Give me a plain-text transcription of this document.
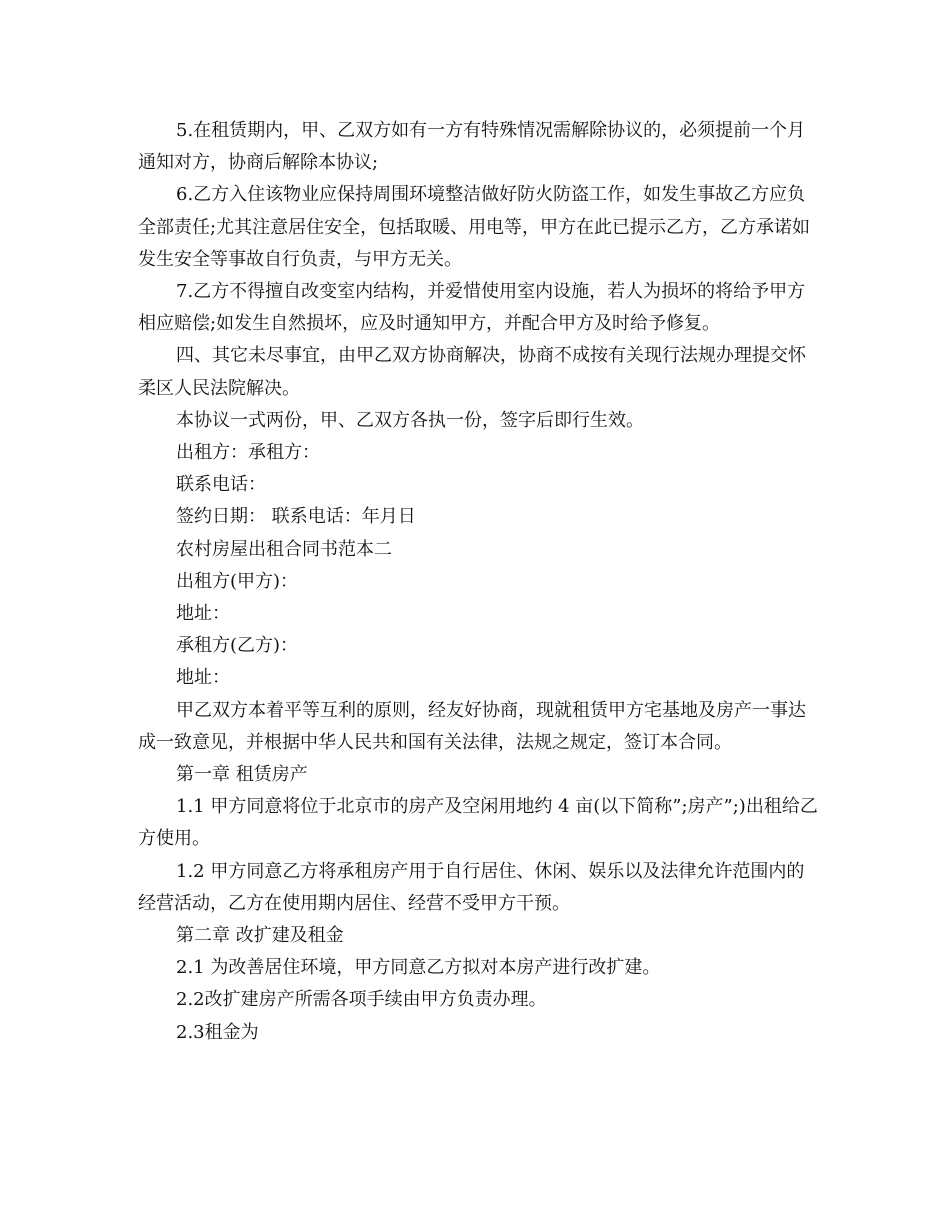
5.在租赁期内，甲、乙双方如有一方有特殊情况需解除协议的，必须提前一个月通知对方，协商后解除本协议;

6.乙方入住该物业应保持周围环境整洁做好防火防盗工作，如发生事故乙方应负全部责任;尤其注意居住安全，包括取暖、用电等，甲方在此已提示乙方，乙方承诺如发生安全等事故自行负责，与甲方无关。

7.乙方不得擅自改变室内结构，并爱惜使用室内设施，若人为损坏的将给予甲方相应赔偿;如发生自然损坏，应及时通知甲方，并配合甲方及时给予修复。

四、其它未尽事宜，由甲乙双方协商解决，协商不成按有关现行法规办理提交怀柔区人民法院解决。

本协议一式两份，甲、乙双方各执一份，签字后即行生效。

出租方：承租方：

联系电话：

签约日期： 联系电话：年月日

农村房屋出租合同书范本二

出租方(甲方)：

地址：

承租方(乙方)：

地址：

甲乙双方本着平等互利的原则，经友好协商，现就租赁甲方宅基地及房产一事达成一致意见，并根据中华人民共和国有关法律，法规之规定，签订本合同。

第一章 租赁房产

1.1 甲方同意将位于北京市的房产及空闲用地约 4 亩(以下简称”;房产”;)出租给乙方使用。

1.2 甲方同意乙方将承租房产用于自行居住、休闲、娱乐以及法律允许范围内的经营活动，乙方在使用期内居住、经营不受甲方干预。

第二章 改扩建及租金

2.1 为改善居住环境，甲方同意乙方拟对本房产进行改扩建。

2.2改扩建房产所需各项手续由甲方负责办理。

2.3租金为
